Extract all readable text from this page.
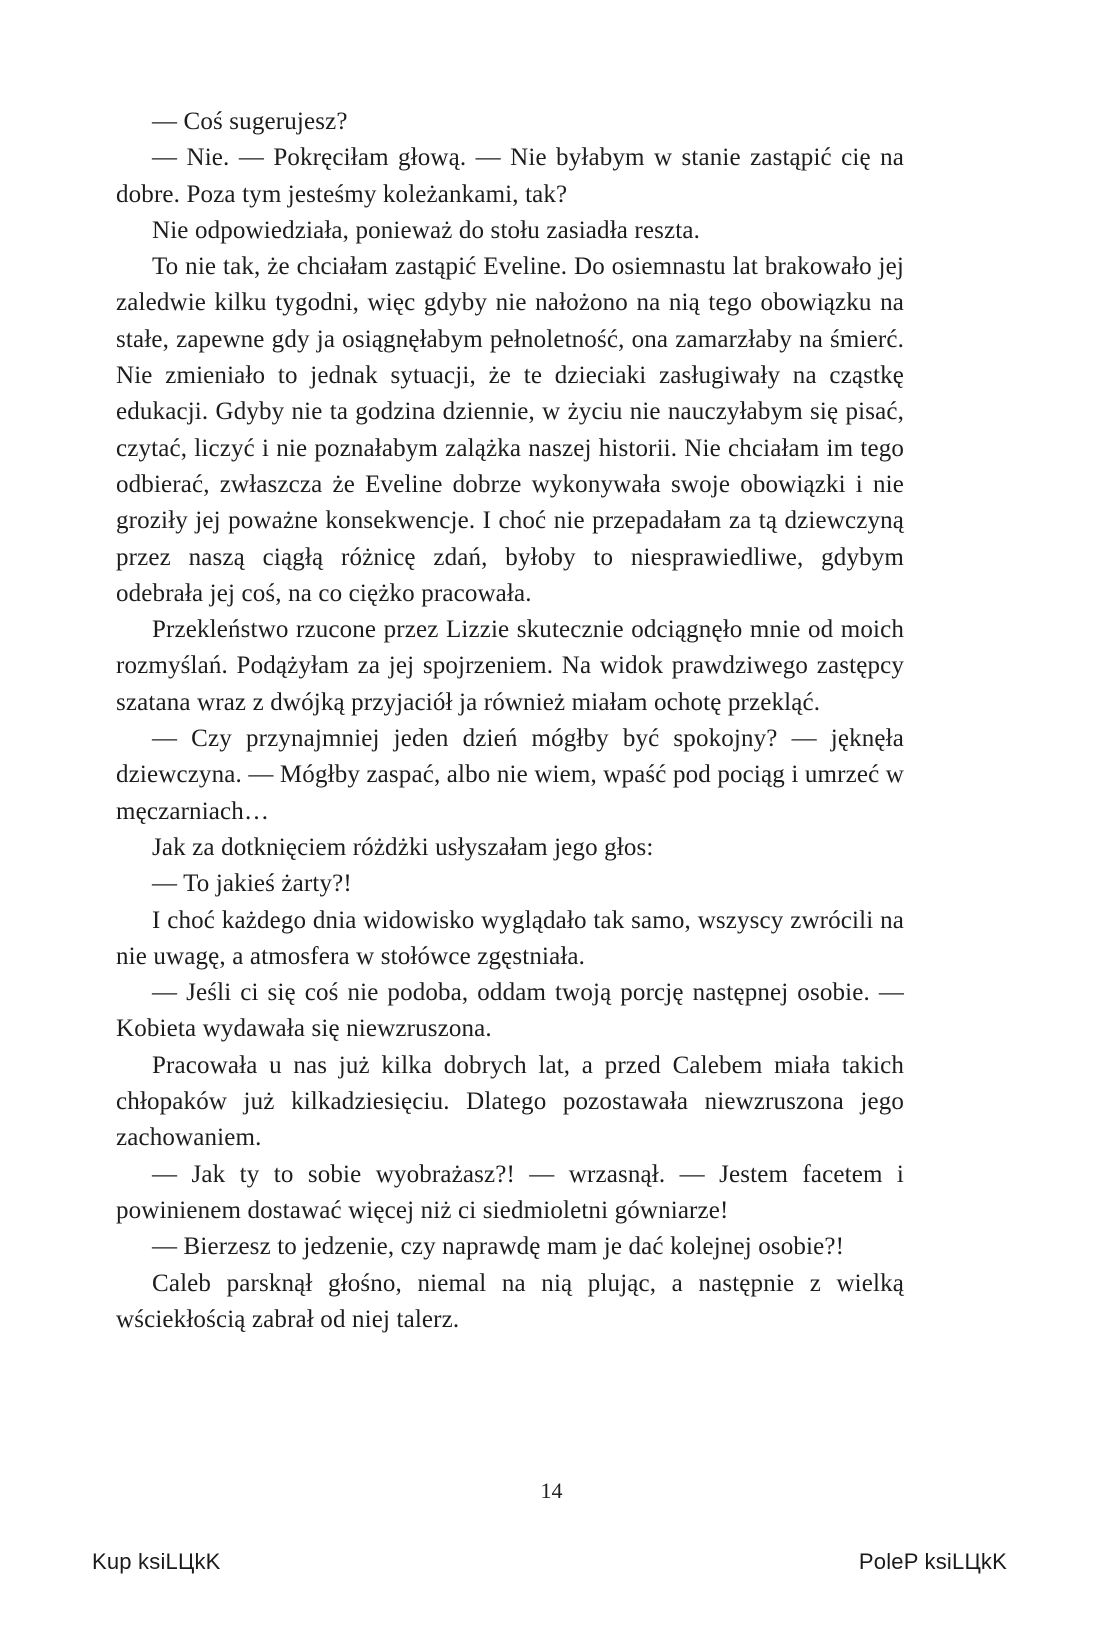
— Coś sugerujesz?

— Nie. — Pokręciłam głową. — Nie byłabym w stanie zastąpić cię na dobre. Poza tym jesteśmy koleżankami, tak?

Nie odpowiedziała, ponieważ do stołu zasiadła reszta.

To nie tak, że chciałam zastąpić Eveline. Do osiemnastu lat brakowało jej zaledwie kilku tygodni, więc gdyby nie nałożono na nią tego obowiązku na stałe, zapewne gdy ja osiągnęłabym pełnoletność, ona zamarzłaby na śmierć. Nie zmieniało to jednak sytuacji, że te dzieciaki zasługiwały na cząstkę edukacji. Gdyby nie ta godzina dziennie, w życiu nie nauczyłabym się pisać, czytać, liczyć i nie poznałabym zalążka naszej historii. Nie chciałam im tego odbierać, zwłaszcza że Eveline dobrze wykonywała swoje obowiązki i nie groziły jej poważne konsekwencje. I choć nie przepadałam za tą dziewczyną przez naszą ciągłą różnicę zdań, byłoby to niesprawiedliwe, gdybym odebrała jej coś, na co ciężko pracowała.

Przekleństwo rzucone przez Lizzie skutecznie odciągnęło mnie od moich rozmyślań. Podążyłam za jej spojrzeniem. Na widok prawdziwego zastępcy szatana wraz z dwójką przyjaciół ja również miałam ochotę przekląć.

— Czy przynajmniej jeden dzień mógłby być spokojny? — jęknęła dziewczyna. — Mógłby zaspać, albo nie wiem, wpaść pod pociąg i umrzeć w męczarniach…

Jak za dotknięciem różdżki usłyszałam jego głos:

— To jakieś żarty?!

I choć każdego dnia widowisko wyglądało tak samo, wszyscy zwrócili na nie uwagę, a atmosfera w stołówce zgęstniała.

— Jeśli ci się coś nie podoba, oddam twoją porcję następnej osobie. — Kobieta wydawała się niewzruszona.

Pracowała u nas już kilka dobrych lat, a przed Calebem miała takich chłopaków już kilkadziesięciu. Dlatego pozostawała niewzruszona jego zachowaniem.

— Jak ty to sobie wyobrażasz?! — wrzasnął. — Jestem facetem i powinienem dostawać więcej niż ci siedmioletni gówniarze!

— Bierzesz to jedzenie, czy naprawdę mam je dać kolejnej osobie?!

Caleb parsknął głośno, niemal na nią plując, a następnie z wielką wściekłością zabrał od niej talerz.

14
Kup ksiLЦkK	PoleP ksiLЦkK
